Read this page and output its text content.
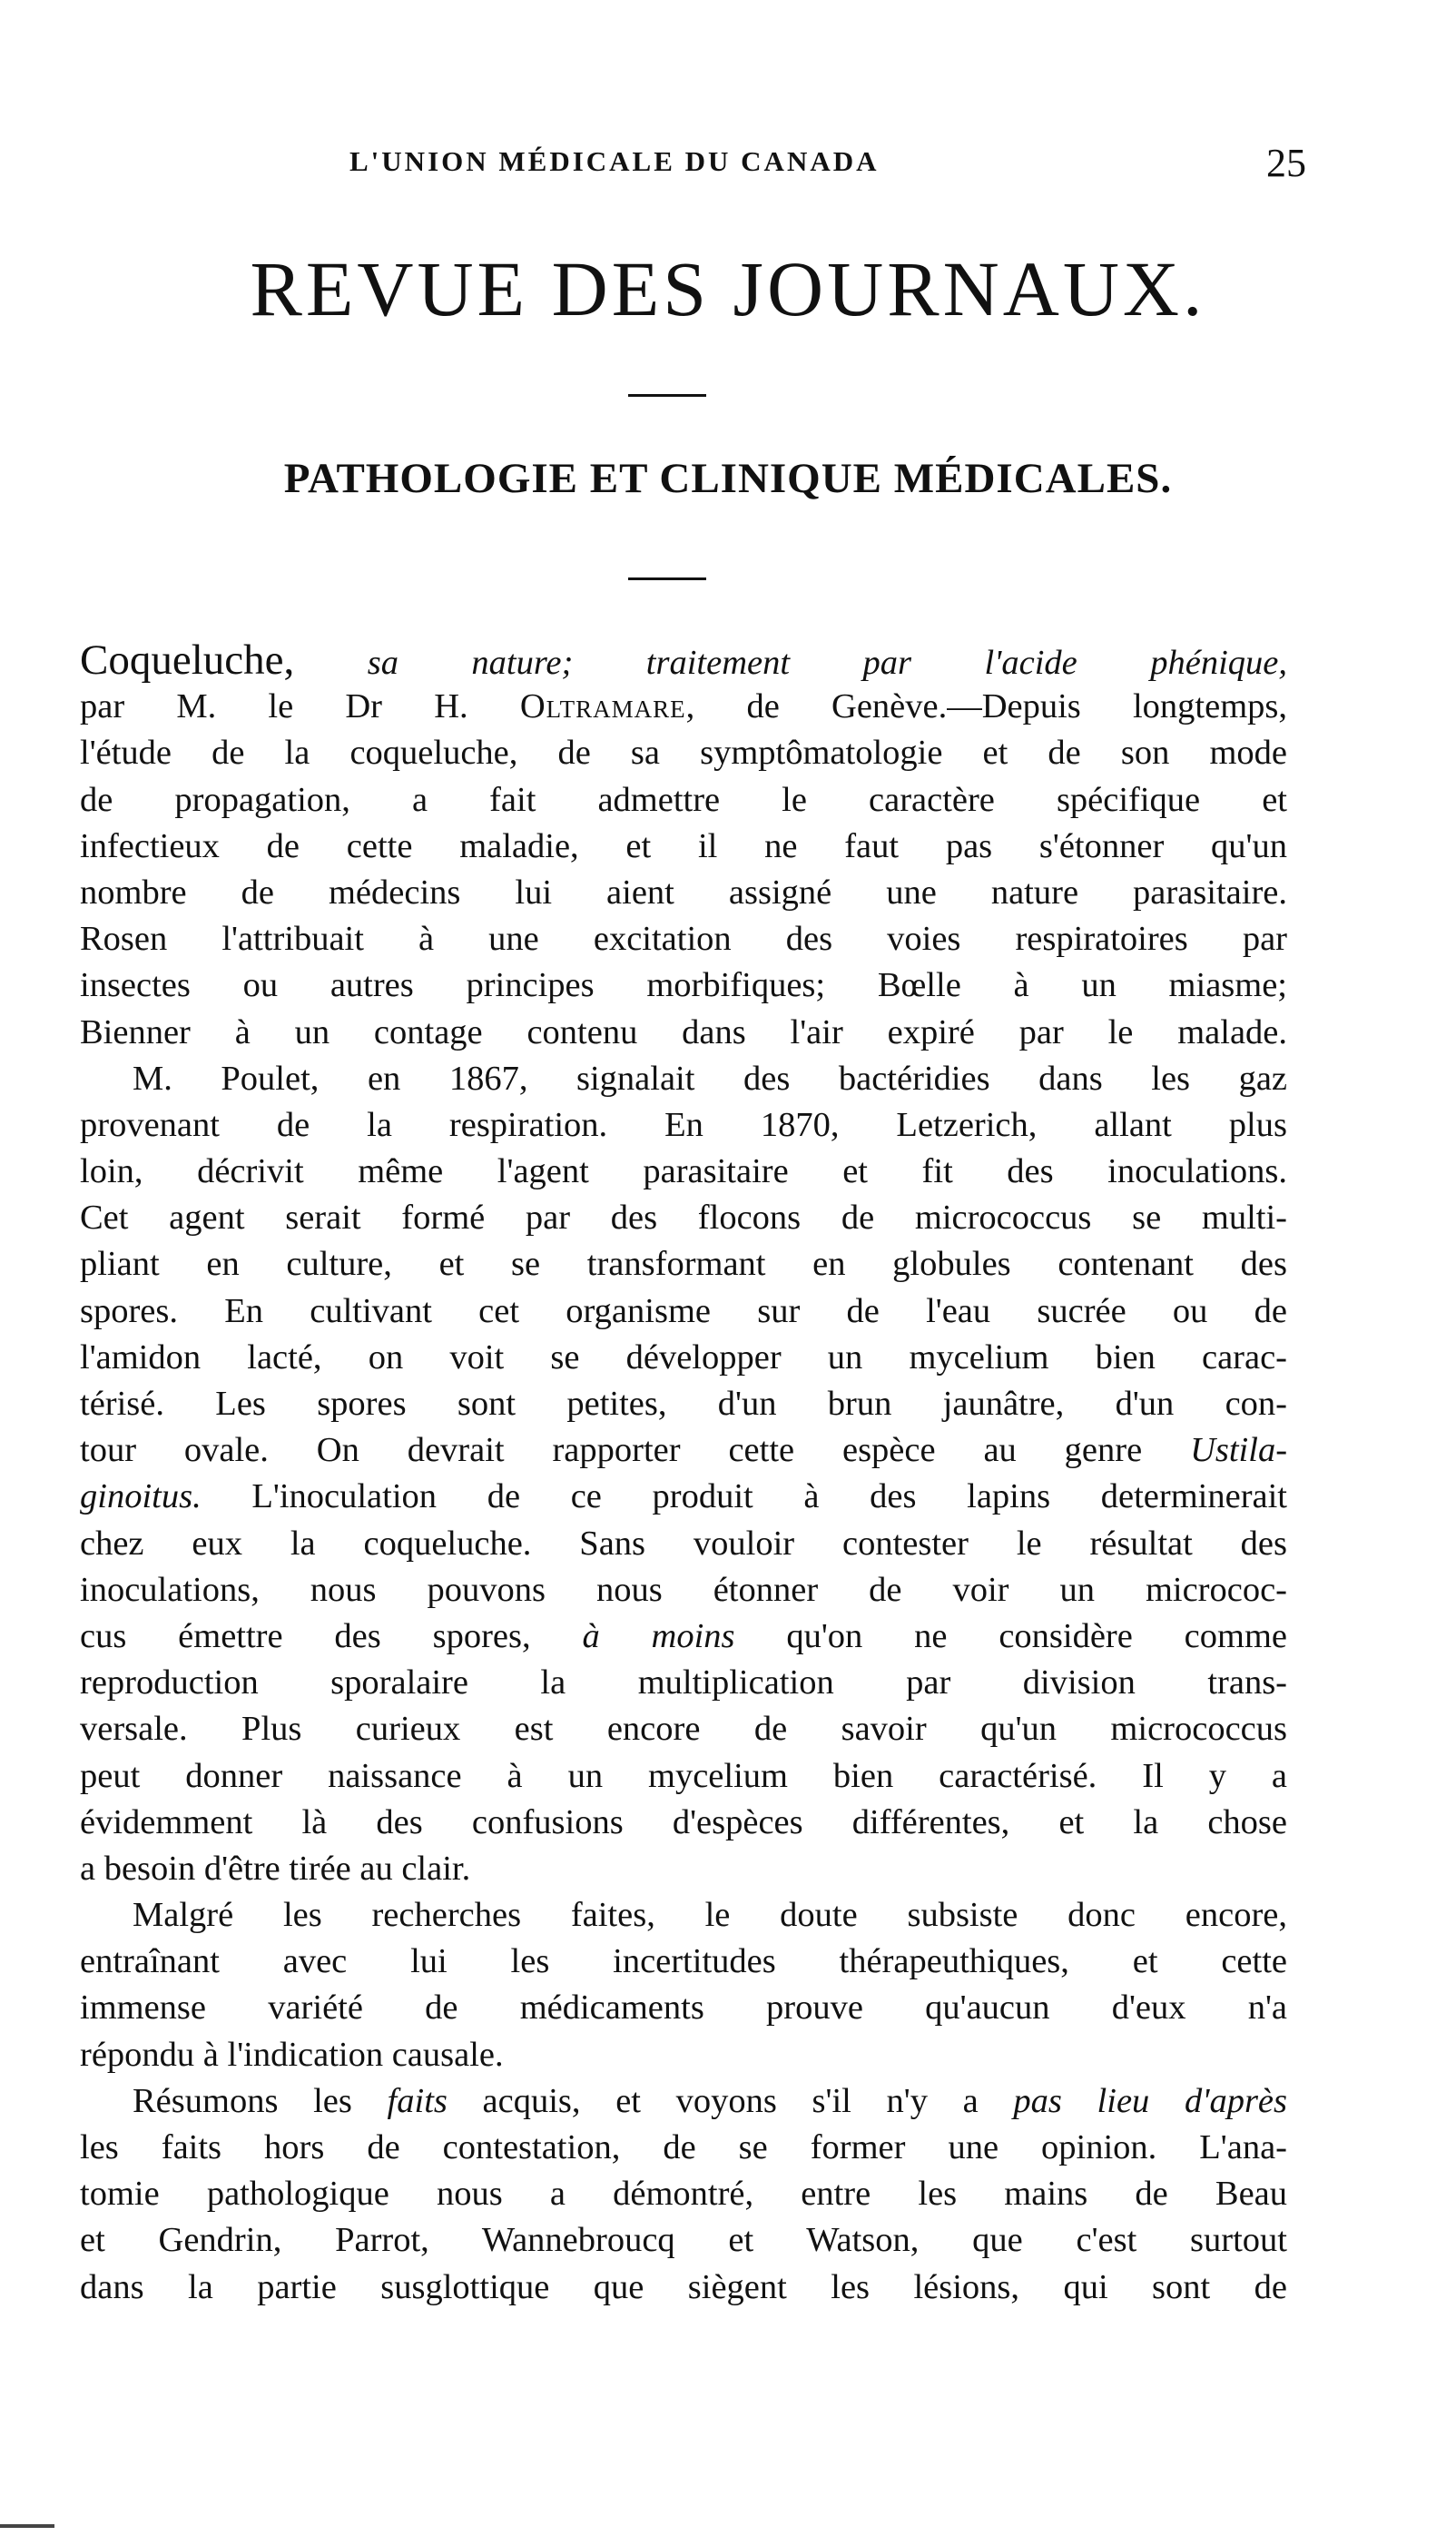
L'UNION MÉDICALE DU CANADA	25
REVUE DES JOURNAUX.
PATHOLOGIE ET CLINIQUE MÉDICALES.
Coqueluche, sa nature; traitement par l'acide phénique,
par M. le Dr H. Oltramare, de Genève.—Depuis longtemps,
l'étude de la coqueluche, de sa symptômatologie et de son mode
de propagation, a fait admettre le caractère spécifique et
infectieux de cette maladie, et il ne faut pas s'étonner qu'un
nombre de médecins lui aient assigné une nature parasitaire.
Rosen l'attribuait à une excitation des voies respiratoires par
insectes ou autres principes morbifiques; Bœlle à un miasme;
Bienner à un contage contenu dans l'air expiré par le malade.
M. Poulet, en 1867, signalait des bactéridies dans les gaz
provenant de la respiration. En 1870, Letzerich, allant plus
loin, décrivit même l'agent parasitaire et fit des inoculations.
Cet agent serait formé par des flocons de micrococcus se multi-
pliant en culture, et se transformant en globules contenant des
spores. En cultivant cet organisme sur de l'eau sucrée ou de
l'amidon lacté, on voit se développer un mycelium bien carac-
térisé. Les spores sont petites, d'un brun jaunâtre, d'un con-
tour ovale. On devrait rapporter cette espèce au genre Ustila-
ginoitus. L'inoculation de ce produit à des lapins determinerait
chez eux la coqueluche. Sans vouloir contester le résultat des
inoculations, nous pouvons nous étonner de voir un micrococ-
cus émettre des spores, à moins qu'on ne considère comme
reproduction sporalaire la multiplication par division trans-
versale. Plus curieux est encore de savoir qu'un micrococcus
peut donner naissance à un mycelium bien caractérisé. Il y a
évidemment là des confusions d'espèces différentes, et la chose
a besoin d'être tirée au clair.
Malgré les recherches faites, le doute subsiste donc encore,
entraînant avec lui les incertitudes thérapeuthiques, et cette
immense variété de médicaments prouve qu'aucun d'eux n'a
répondu à l'indication causale.
Résumons les faits acquis, et voyons s'il n'y a pas lieu d'après
les faits hors de contestation, de se former une opinion. L'ana-
tomie pathologique nous a démontré, entre les mains de Beau
et Gendrin, Parrot, Wannebroucq et Watson, que c'est surtout
dans la partie susglottique que siègent les lésions, qui sont de
